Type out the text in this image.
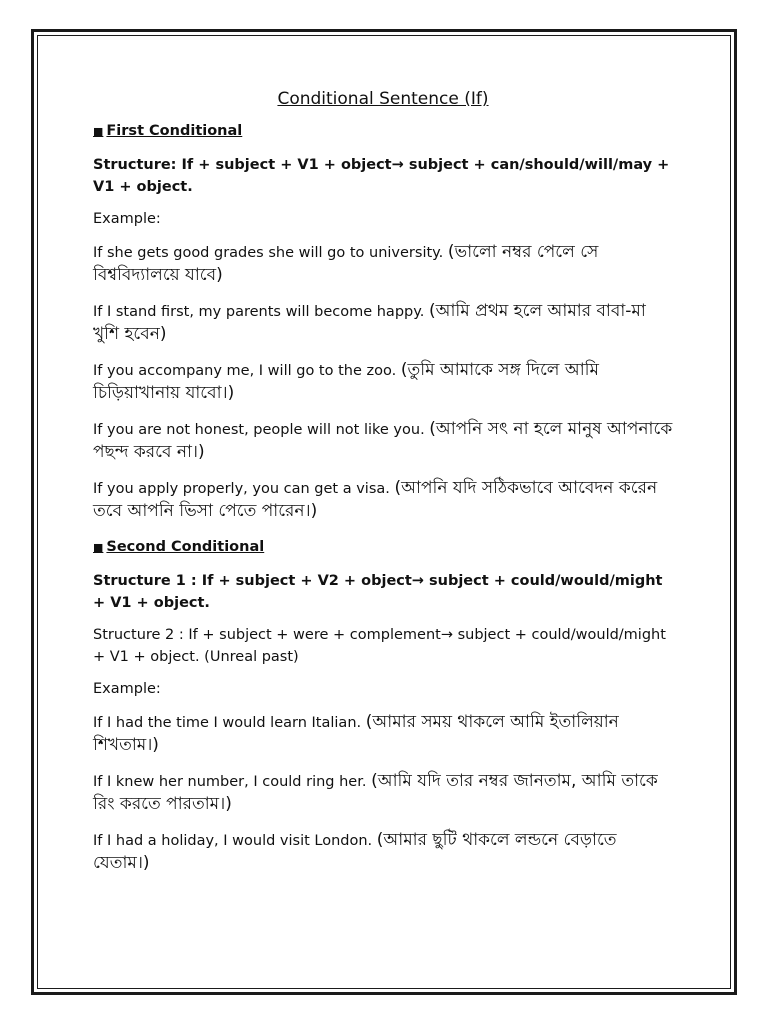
Conditional Sentence (If)
■ First Conditional
Structure: If + subject + V1 + object→ subject + can/should/will/may + V1 + object.
Example:
If she gets good grades she will go to university. (ভালো নম্বর পেলে সে বিশ্ববিদ্যালয়ে যাবে)
If I stand first, my parents will become happy. (আমি প্রথম হলে আমার বাবা-মা খুশি হবেন)
If you accompany me, I will go to the zoo. (তুমি আমাকে সঙ্গ দিলে আমি চিড়িয়াখানায় যাবো।)
If you are not honest, people will not like you. (আপনি সৎ না হলে মানুষ আপনাকে পছন্দ করবে না।)
If you apply properly, you can get a visa. (আপনি যদি সঠিকভাবে আবেদন করেন তবে আপনি ভিসা পেতে পারেন।)
■ Second Conditional
Structure 1 : If + subject + V2 + object→ subject + could/would/might + V1 + object.
Structure 2 : If + subject + were + complement→ subject + could/would/might + V1 + object. (Unreal past)
Example:
If I had the time I would learn Italian. (আমার সময় থাকলে আমি ইতালিয়ান শিখতাম।)
If I knew her number, I could ring her. (আমি যদি তার নম্বর জানতাম, আমি তাকে রিং করতে পারতাম।)
If I had a holiday, I would visit London. (আমার ছুটি থাকলে লন্ডনে বেড়াতে যেতাম।)
